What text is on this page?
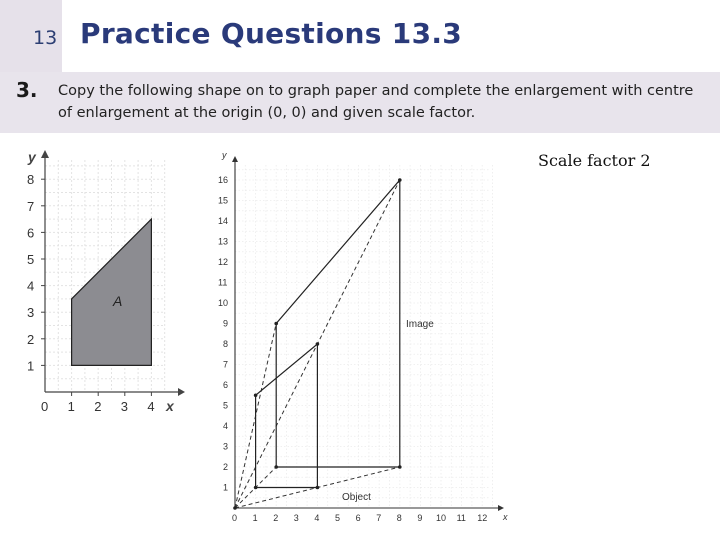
13 Practice Questions 13.3
3. Copy the following shape on to graph paper and complete the enlargement with centre of enlargement at the origin (0, 0) and given scale factor.
0 1 2 3 4
1
2
3
4
5
6
7
8
x
y
A
0 1 2 3 4 5 6 7 8 9 10 11 12
1
2
3
4
5
6
7
8
9
10
11
12
13
14
15
16
x
y
Image
Object
Scale factor 2
